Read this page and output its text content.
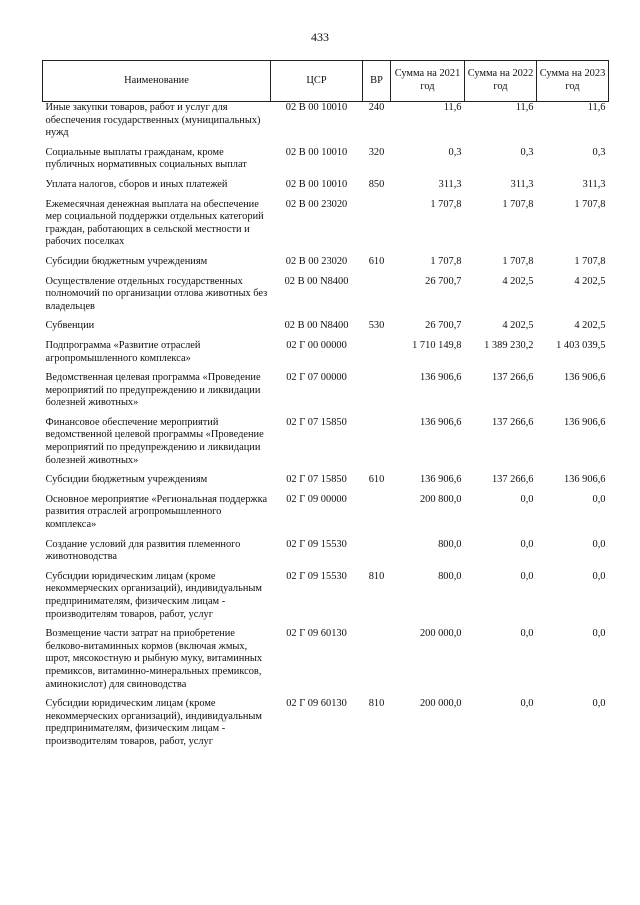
433
Наименование	ЦСР	ВР	Сумма на 2021 год	Сумма на 2022 год	Сумма на 2023 год
Иные закупки товаров, работ и услуг для обеспечения государственных (муниципальных) нужд	02 В 00 10010	240	11,6	11,6	11,6
Социальные выплаты гражданам, кроме публичных нормативных социальных выплат	02 В 00 10010	320	0,3	0,3	0,3
Уплата налогов, сборов и иных платежей	02 В 00 10010	850	311,3	311,3	311,3
Ежемесячная денежная выплата на обеспечение мер социальной поддержки отдельных категорий граждан, работающих в сельской местности и рабочих поселках	02 В 00 23020		1 707,8	1 707,8	1 707,8
Субсидии бюджетным учреждениям	02 В 00 23020	610	1 707,8	1 707,8	1 707,8
Осуществление отдельных государственных полномочий по организации отлова животных без владельцев	02 В 00 N8400		26 700,7	4 202,5	4 202,5
Субвенции	02 В 00 N8400	530	26 700,7	4 202,5	4 202,5
Подпрограмма «Развитие отраслей агропромышленного комплекса»	02 Г 00 00000		1 710 149,8	1 389 230,2	1 403 039,5
Ведомственная целевая программа «Проведение мероприятий по предупреждению и ликвидации болезней животных»	02 Г 07 00000		136 906,6	137 266,6	136 906,6
Финансовое обеспечение мероприятий ведомственной целевой программы «Проведение мероприятий по предупреждению и ликвидации болезней животных»	02 Г 07 15850		136 906,6	137 266,6	136 906,6
Субсидии бюджетным учреждениям	02 Г 07 15850	610	136 906,6	137 266,6	136 906,6
Основное мероприятие «Региональная поддержка развития отраслей агропромышленного комплекса»	02 Г 09 00000		200 800,0	0,0	0,0
Создание условий для развития племенного животноводства	02 Г 09 15530		800,0	0,0	0,0
Субсидии юридическим лицам (кроме некоммерческих организаций), индивидуальным предпринимателям, физическим лицам - производителям товаров, работ, услуг	02 Г 09 15530	810	800,0	0,0	0,0
Возмещение части затрат на приобретение белково-витаминных кормов (включая жмых, шрот, мясокостную и рыбную муку, витаминных премиксов, витаминно-минеральных премиксов, аминокислот) для свиноводства	02 Г 09 60130		200 000,0	0,0	0,0
Субсидии юридическим лицам (кроме некоммерческих организаций), индивидуальным предпринимателям, физическим лицам - производителям товаров, работ, услуг	02 Г 09 60130	810	200 000,0	0,0	0,0
